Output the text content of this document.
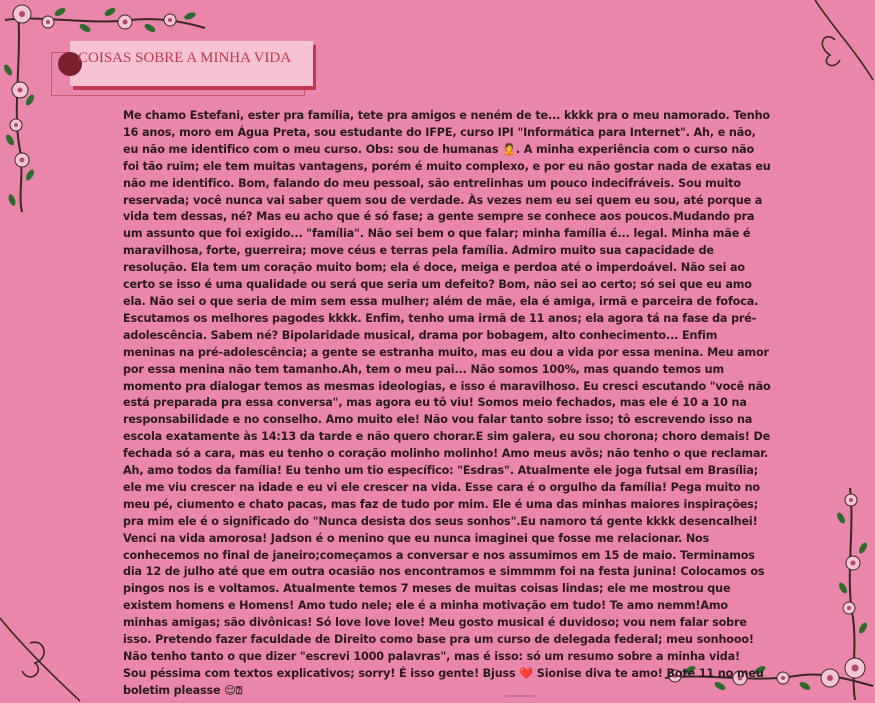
COISAS SOBRE A MINHA VIDA

Me chamo Estefani, ester pra família, tete pra amigos e neném de te... kkkk pra o meu namorado. Tenho 16 anos, moro em Água Preta, sou estudante do IFPE, curso IPI "Informática para Internet". Ah, e não, eu não me identifico com o meu curso. Obs: sou de humanas 🙎. A minha experiência com o curso não foi tão ruim; ele tem muitas vantagens, porém é muito complexo, e por eu não gostar nada de exatas eu não me identifico. Bom, falando do meu pessoal, são entrelinhas um pouco indecifráveis. Sou muito reservada; você nunca vai saber quem sou de verdade. Às vezes nem eu sei quem eu sou, até porque a vida tem dessas, né? Mas eu acho que é só fase; a gente sempre se conhece aos poucos.Mudando pra um assunto que foi exigido... "família". Não sei bem o que falar; minha família é... legal. Minha mãe é maravilhosa, forte, guerreira; move céus e terras pela família. Admiro muito sua capacidade de resolução. Ela tem um coração muito bom; ela é doce, meiga e perdoa até o imperdoável. Não sei ao certo se isso é uma qualidade ou será que seria um defeito? Bom, não sei ao certo; só sei que eu amo ela. Não sei o que seria de mim sem essa mulher; além de mãe, ela é amiga, irmã e parceira de fofoca. Escutamos os melhores pagodes kkkk. Enfim, tenho uma irmã de 11 anos; ela agora tá na fase da pré-adolescência. Sabem né? Bipolaridade musical, drama por bobagem, alto conhecimento... Enfim meninas na pré-adolescência; a gente se estranha muito, mas eu dou a vida por essa menina. Meu amor por essa menina não tem tamanho.Ah, tem o meu pai... Não somos 100%, mas quando temos um momento pra dialogar temos as mesmas ideologias, e isso é maravilhoso. Eu cresci escutando "você não está preparada pra essa conversa", mas agora eu tô viu! Somos meio fechados, mas ele é 10 a 10 na responsabilidade e no conselho. Amo muito ele! Não vou falar tanto sobre isso; tô escrevendo isso na escola exatamente às 14:13 da tarde e não quero chorar.E sim galera, eu sou chorona; choro demais! De fechada só a cara, mas eu tenho o coração molinho molinho! Amo meus avôs; não tenho o que reclamar. Ah, amo todos da família! Eu tenho um tio específico: "Esdras". Atualmente ele joga futsal em Brasília; ele me viu crescer na idade e eu vi ele crescer na vida. Esse cara é o orgulho da família! Pega muito no meu pé, ciumento e chato pacas, mas faz de tudo por mim. Ele é uma das minhas maiores inspirações; pra mim ele é o significado do "Nunca desista dos seus sonhos".Eu namoro tá gente kkkk desencalhei! Venci na vida amorosa! Jadson é o menino que eu nunca imaginei que fosse me relacionar. Nos conhecemos no final de janeiro;começamos a conversar e nos assumimos em 15 de maio. Terminamos dia 12 de julho até que em outra ocasião nos encontramos e simmmm foi na festa junina! Colocamos os pingos nos is e voltamos. Atualmente temos 7 meses de muitas coisas lindas; ele me mostrou que existem homens e Homens! Amo tudo nele; ele é a minha motivação em tudo! Te amo nemm!Amo minhas amigas; são divônicas! Só love love love! Meu gosto musical é duvidoso; vou nem falar sobre isso. Pretendo fazer faculdade de Direito como base pra um curso de delegada federal; meu sonhooo! Não tenho tanto o que dizer "escrevi 1000 palavras", mas é isso: só um resumo sobre a minha vida!

Sou péssima com textos explicativos; sorry! É isso gente! Bjuss ❤️ Sionise diva te amo! Bote 11 no meu boletim pleasse 😌⍰
